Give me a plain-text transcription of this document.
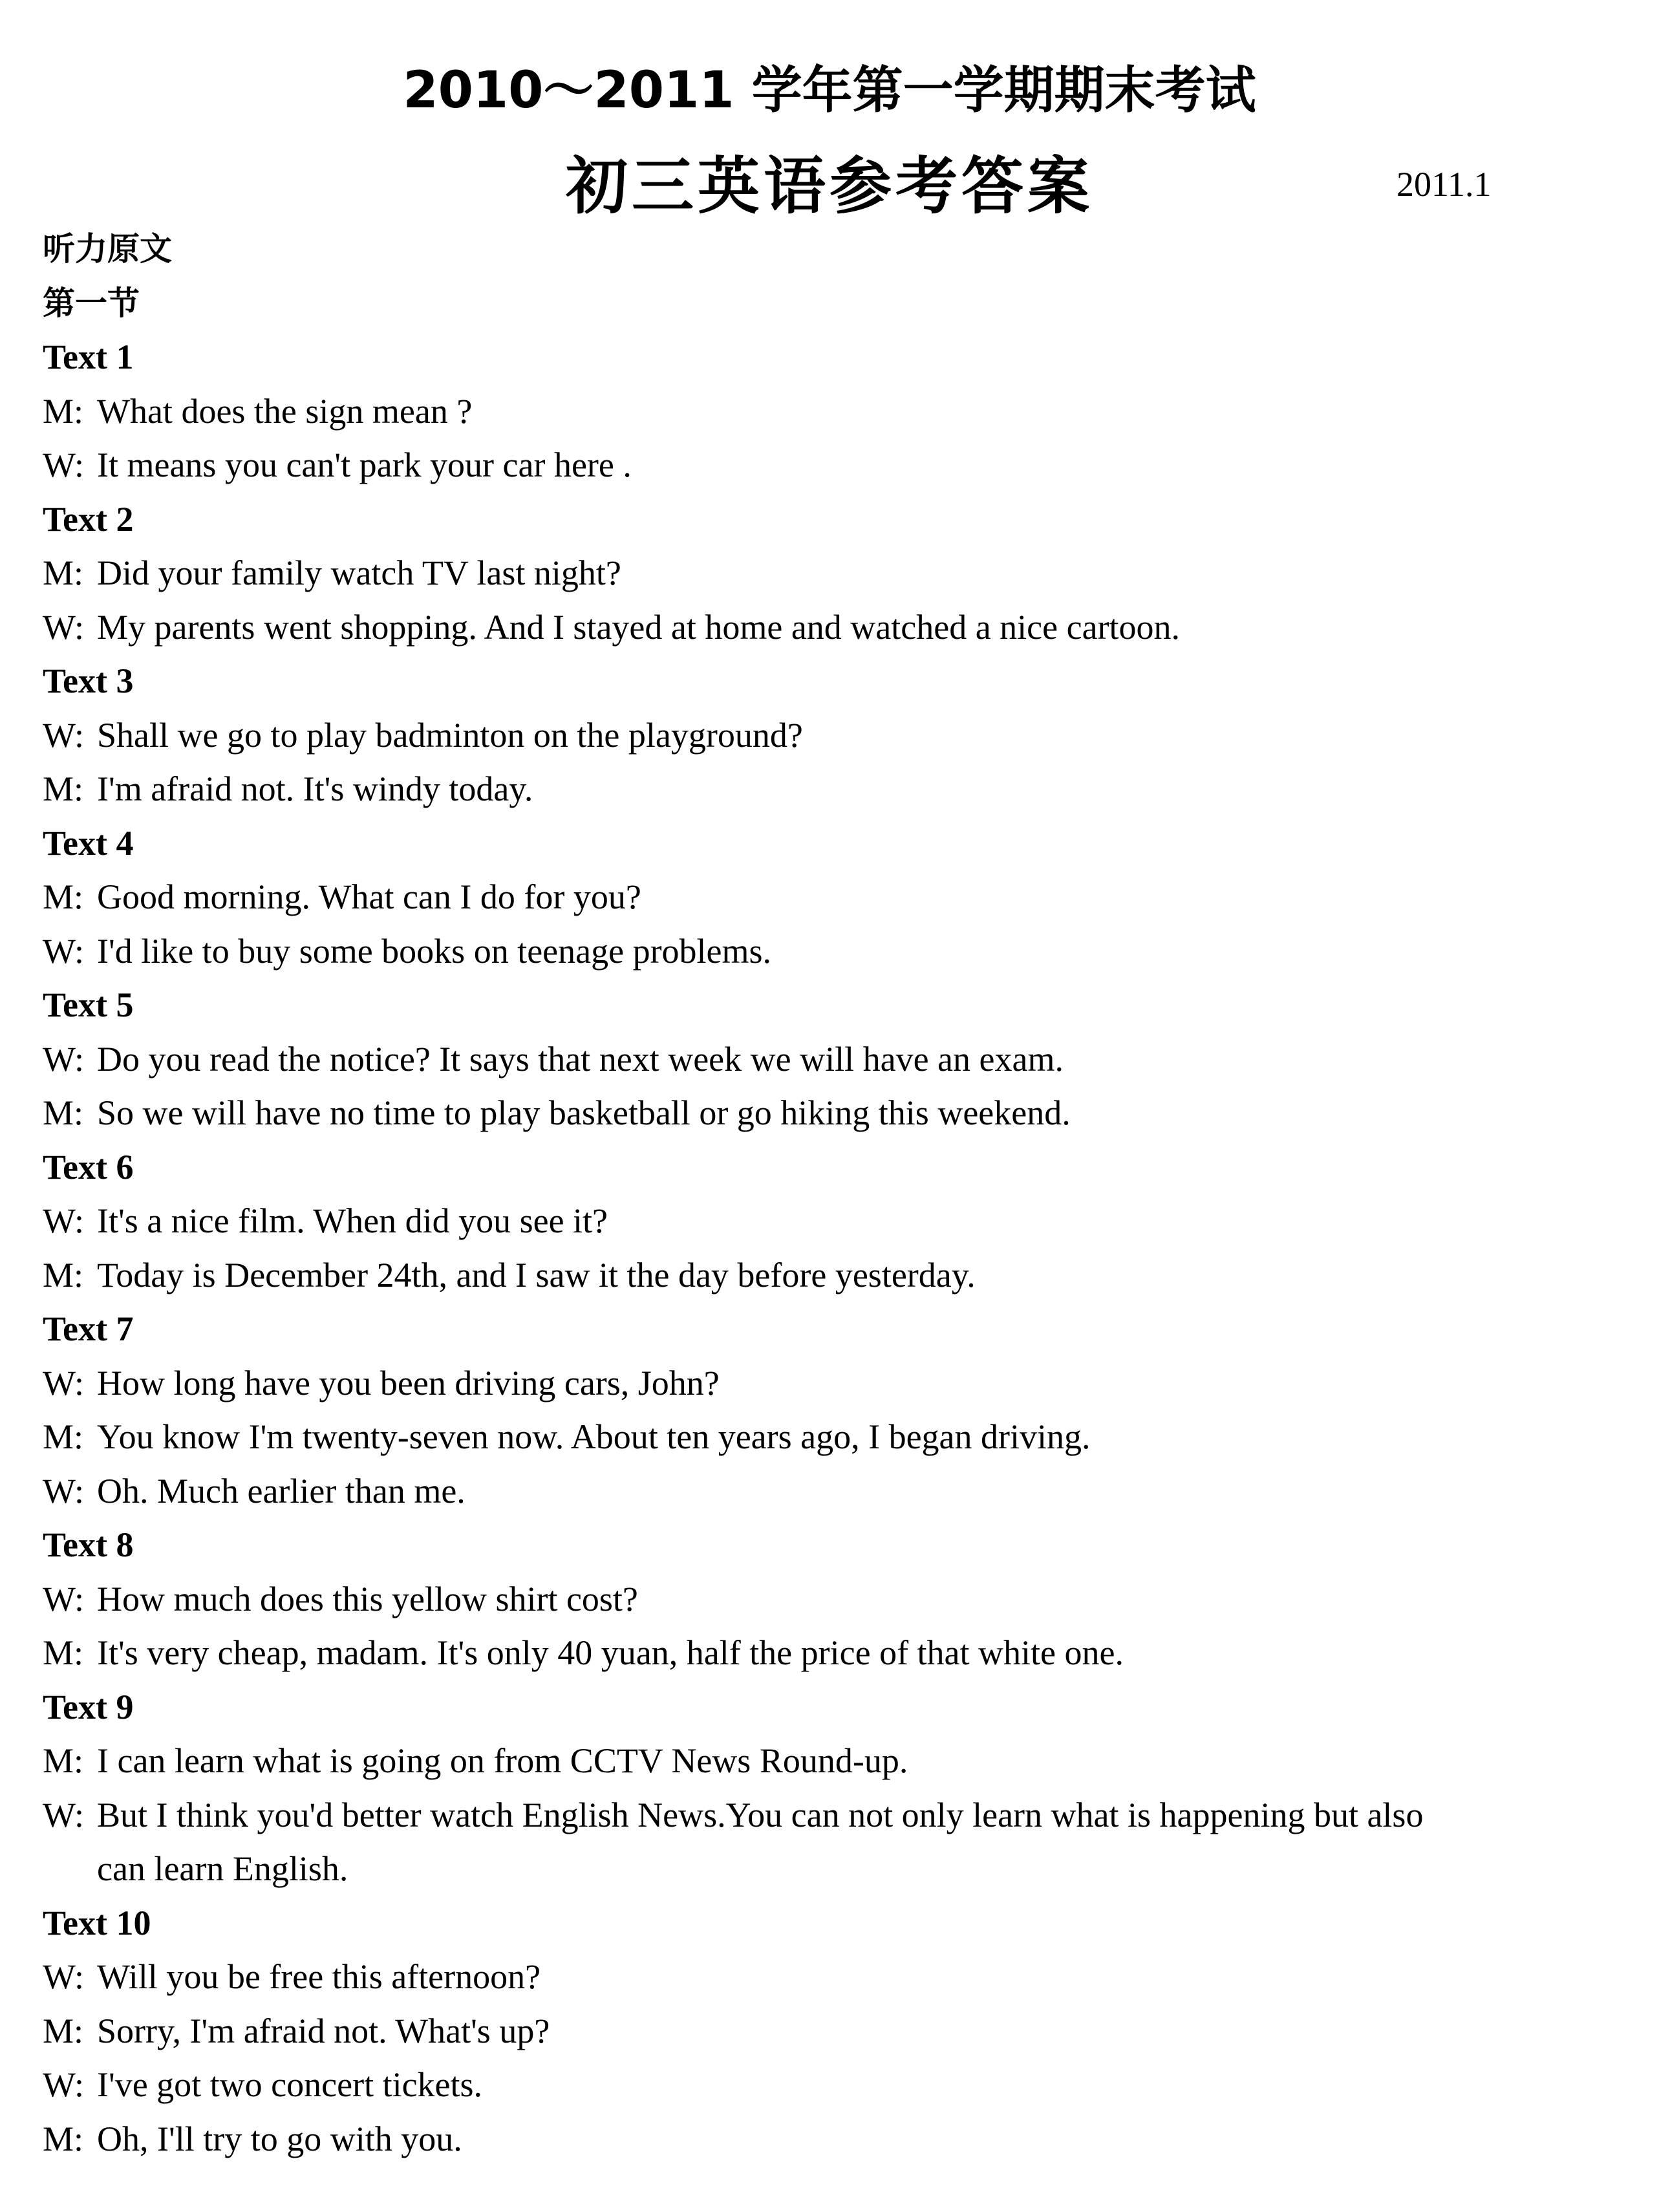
2010～2011 学年第一学期期末考试
初三英语参考答案	2011.1
听力原文
第一节
Text 1
M: What does the sign mean ?
W: It means you can't park your car here .
Text 2
M: Did your family watch TV last night?
W: My parents went shopping. And I stayed at home and watched a nice cartoon.
Text 3
W: Shall we go to play badminton on the playground?
M: I'm afraid not. It's windy today.
Text 4
M: Good morning. What can I do for you?
W: I'd like to buy some books on teenage problems.
Text 5
W: Do you read the notice? It says that next week we will have an exam.
M: So we will have no time to play basketball or go hiking this weekend.
Text 6
W: It's a nice film. When did you see it?
M: Today is December 24th, and I saw it the day before yesterday.
Text 7
W: How long have you been driving cars, John?
M: You know I'm twenty-seven now. About ten years ago, I began driving.
W: Oh. Much earlier than me.
Text 8
W: How much does this yellow shirt cost?
M: It's very cheap, madam. It's only 40 yuan, half the price of that white one.
Text 9
M: I can learn what is going on from CCTV News Round-up.
W: But I think you'd better watch English News.You can not only learn what is happening but also
can learn English.
Text 10
W: Will you be free this afternoon?
M: Sorry, I'm afraid not. What's up?
W: I've got two concert tickets.
M: Oh, I'll try to go with you.
